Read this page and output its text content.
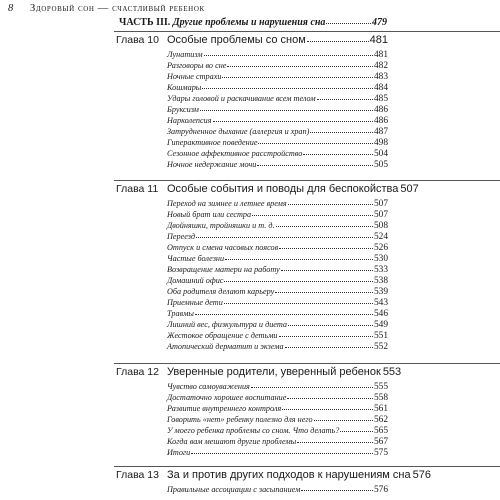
8 Здоровый сон — счастливый ребенок
ЧАСТЬ III. Другие проблемы и нарушения сна	479
Глава 10 Особые проблемы со сном	481
Лунатизм	481
Разговоры во сне	482
Ночные страхи	483
Кошмары	484
Удары головой и раскачивание всем телом	485
Бруксизм	486
Нарколепсия	486
Затрудненное дыхание (аллергия и храп)	487
Гиперактивное поведение	498
Сезонное аффективное расстройство	504
Ночное недержание мочи	505
Глава 11 Особые события и поводы для беспокойства 507
Переход на зимнее и летнее время	507
Новый брат или сестра	507
Двойняшки, тройняшки и т. д.	508
Переезд	524
Отпуск и смена часовых поясов	526
Частые болезни	530
Возвращение матери на работу	533
Домашний офис	538
Оба родителя делают карьеру	539
Приемные дети	543
Травмы	546
Лишний вес, физкультура и диета	549
Жестокое обращение с детьми	551
Атопический дерматит и экзема	552
Глава 12 Уверенные родители, уверенный ребенок 553
Чувство самоуважения	555
Достаточно хорошее воспитание	558
Развитие внутреннего контроля	561
Говорить «нет» ребенку полезно для него	562
У моего ребенка проблемы со сном. Что делать?	565
Когда вам мешают другие проблемы	567
Итоги	575
Глава 13 За и против других подходов к нарушениям сна 576
Правильные ассоциации с засыпанием	576
